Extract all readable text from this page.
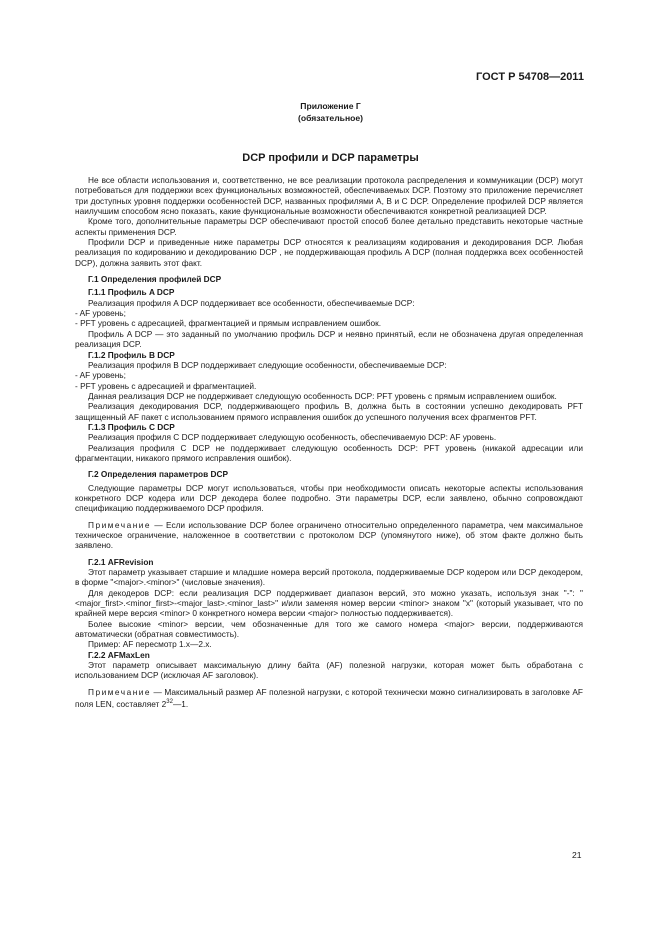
ГОСТ Р 54708—2011
Приложение Г
(обязательное)
DCP профили и DCP параметры

Не все области использования и, соответственно, не все реализации протокола распределения и коммуникации (DCP) могут потребоваться для поддержки всех функциональных возможностей, обеспечиваемых DCP. Поэтому это приложение перечисляет три доступных уровня поддержки особенностей DCP, названных профилями A, B и C DCP. Определение профилей DCP является наилучшим способом ясно показать, какие функциональные возможности обеспечиваются конкретной реализацией DCP.

Кроме того, дополнительные параметры DCP обеспечивают простой способ более детально представить некоторые частные аспекты применения DCP.

Профили DCP и приведенные ниже параметры DCP относятся к реализациям кодирования и декодирования DCP. Любая реализация по кодированию и декодированию DCP , не поддерживающая профиль A DCP (полная поддержка всех особенностей DCP), должна заявить этот факт.

Г.1 Определения профилей DCP
Г.1.1 Профиль A DCP

Реализация профиля A DCP поддерживает все особенности, обеспечиваемые DCP:

- AF уровень;

- PFT уровень с адресацией, фрагментацией и прямым исправлением ошибок.

Профиль A DCP — это заданный по умолчанию профиль DCP и неявно принятый, если не обозначена другая определенная реализация DCP.

Г.1.2 Профиль B DCP

Реализация профиля B DCP поддерживает следующие особенности, обеспечиваемые DCP:

- AF уровень;

- PFT уровень с адресацией и фрагментацией.

Данная реализация DCP не поддерживает следующую особенность DCP: PFT уровень с прямым исправлением ошибок.

Реализация декодирования DCP, поддерживающего профиль B, должна быть в состоянии успешно декодировать PFT защищенный AF пакет с использованием прямого исправления ошибок до успешного получения всех фрагментов PFT.

Г.1.3 Профиль C DCP

Реализация профиля C DCP поддерживает следующую особенность, обеспечиваемую DCP: AF уровень.

Реализация профиля C DCP не поддерживает следующую особенность DCP: PFT уровень (никакой адресации или фрагментации, никакого прямого исправления ошибок).

Г.2 Определения параметров DCP

Следующие параметры DCP могут использоваться, чтобы при необходимости описать некоторые аспекты использования конкретного DCP кодера или DCP декодера более подробно. Эти параметры DCP, если заявлено, обычно сопровождают спецификацию поддерживаемого DCP профиля.

Примечание — Если использование DCP более ограничено относительно определенного параметра, чем максимальное техническое ограничение, наложенное в соответствии с протоколом DCP (упомянутого ниже), об этом факте должно быть заявлено.

Г.2.1 AFRevision

Этот параметр указывает старшие и младшие номера версий протокола, поддерживаемые DCP кодером или DCP декодером, в форме "<major>.<minor>" (числовые значения).

Для декодеров DCP: если реализация DCP поддерживает диапазон версий, это можно указать, используя знак "-": "<major_first>.<minor_first>-<major_last>.<minor_last>" и/или заменяя номер версии <minor> знаком "x" (который указывает, что по крайней мере версия <minor> 0 конкретного номера версии <major> полностью поддерживается).

Более высокие <minor> версии, чем обозначенные для того же самого номера <major> версии, поддерживаются автоматически (обратная совместимость).

Пример: AF пересмотр 1.x—2.x.

Г.2.2 AFMaxLen

Этот параметр описывает максимальную длину байта (AF) полезной нагрузки, которая может быть обработана с использованием DCP (исключая AF заголовок).

Примечание — Максимальный размер AF полезной нагрузки, с которой технически можно сигнализировать в заголовке AF поля LEN, составляет $2^{32}—1$.

21
